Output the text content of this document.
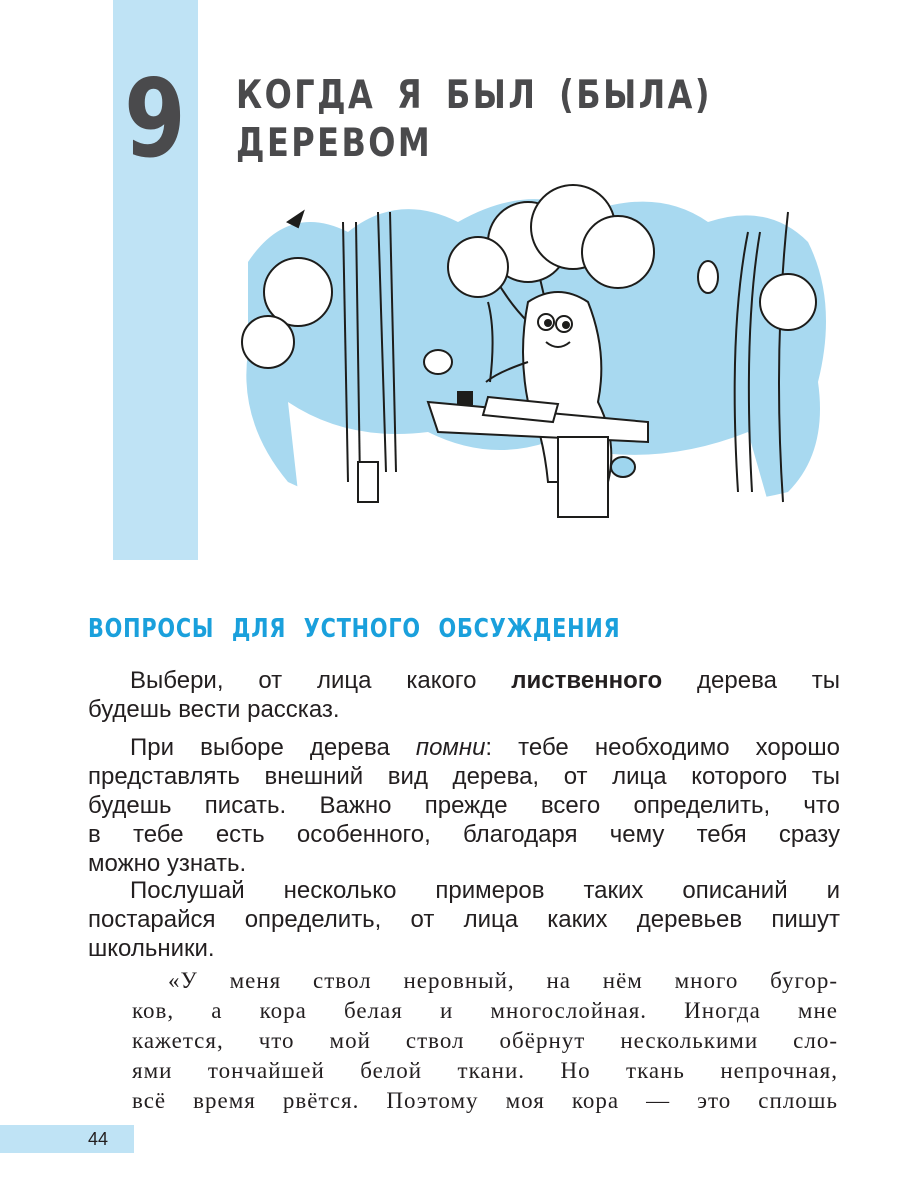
9	КОГДА Я БЫЛ (БЫЛА)
ДЕРЕВОМ
ВОПРОСЫ ДЛЯ УСТНОГО ОБСУЖДЕНИЯ
Выбери, от лица какого лиственного дерева ты
будешь вести рассказ.
При выборе дерева помни: тебе необходимо хорошо
представлять внешний вид дерева, от лица которого ты
будешь писать. Важно прежде всего определить, что
в тебе есть особенного, благодаря чему тебя сразу
можно узнать.
Послушай несколько примеров таких описаний и
постарайся определить, от лица каких деревьев пишут
школьники.
«У меня ствол неровный, на нём много бугор-
ков, а кора белая и многослойная. Иногда мне
кажется, что мой ствол обёрнут несколькими сло-
ями тончайшей белой ткани. Но ткань непрочная,
всё время рвётся. Поэтому моя кора — это сплошь
44
